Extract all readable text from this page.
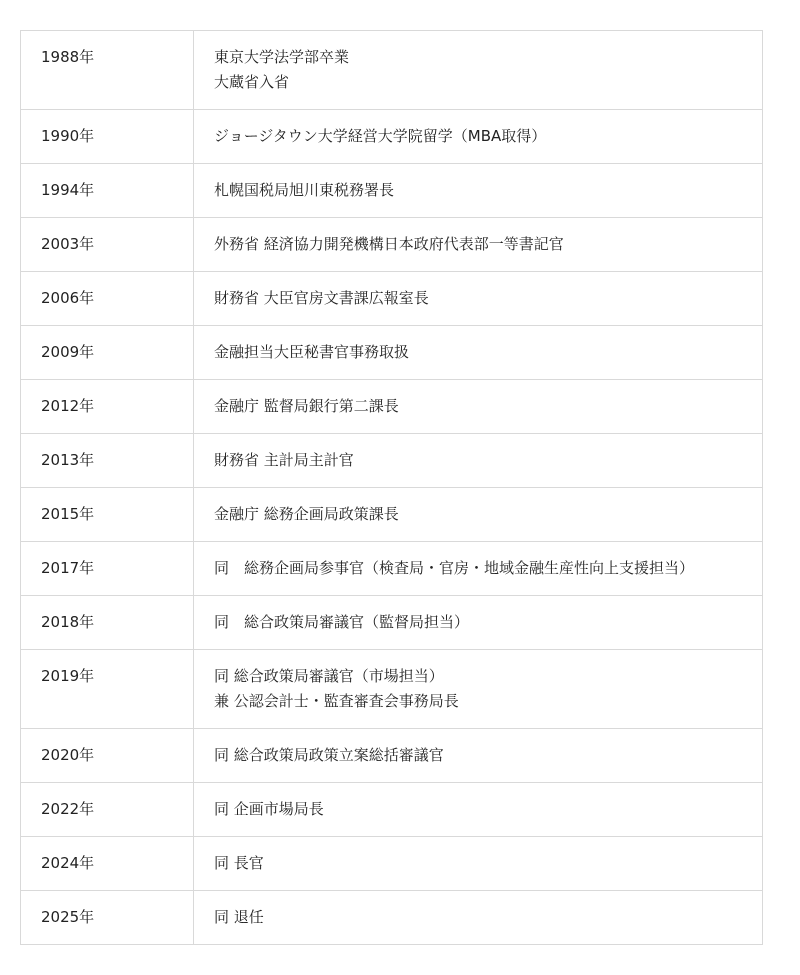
1988年	東京大学法学部卒業
大蔵省入省

1990年	ジョージタウン大学経営大学院留学（MBA取得）

1994年	札幌国税局旭川東税務署長

2003年	外務省 経済協力開発機構日本政府代表部一等書記官

2006年	財務省 大臣官房文書課広報室長

2009年	金融担当大臣秘書官事務取扱

2012年	金融庁 監督局銀行第二課長

2013年	財務省 主計局主計官

2015年	金融庁 総務企画局政策課長

2017年	同　総務企画局参事官（検査局・官房・地域金融生産性向上支援担当）

2018年	同　総合政策局審議官（監督局担当）

2019年	同 総合政策局審議官（市場担当）
兼 公認会計士・監査審査会事務局長

2020年	同 総合政策局政策立案総括審議官

2022年	同 企画市場局長

2024年	同 長官

2025年	同 退任
